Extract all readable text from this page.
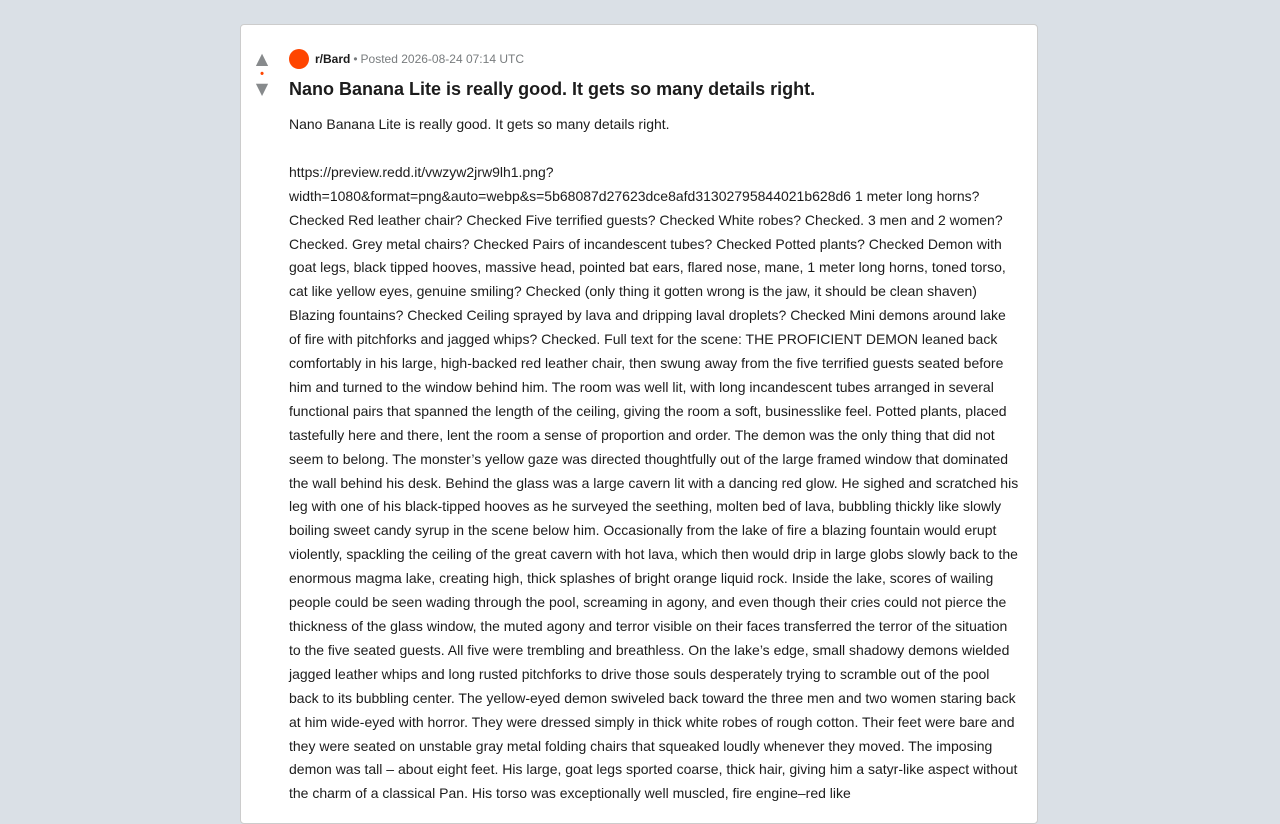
▲
•
▼
r/Bard • Posted 2026-08-24 07:14 UTC
Nano Banana Lite is really good. It gets so many details right.

Nano Banana Lite is really good. It gets so many details right.

https://preview.redd.it/vwzyw2jrw9lh1.png?width=1080&format=png&auto=webp&s=5b68087d27623dce8afd31302795844021b628d6 1 meter long horns? Checked Red leather chair? Checked Five terrified guests? Checked White robes? Checked. 3 men and 2 women? Checked. Grey metal chairs? Checked Pairs of incandescent tubes? Checked Potted plants? Checked Demon with goat legs, black tipped hooves, massive head, pointed bat ears, flared nose, mane, 1 meter long horns, toned torso, cat like yellow eyes, genuine smiling? Checked (only thing it gotten wrong is the jaw, it should be clean shaven) Blazing fountains? Checked Ceiling sprayed by lava and dripping laval droplets? Checked Mini demons around lake of fire with pitchforks and jagged whips? Checked. Full text for the scene: THE PROFICIENT DEMON leaned back comfortably in his large, high-backed red leather chair, then swung away from the five terrified guests seated before him and turned to the window behind him. The room was well lit, with long incandescent tubes arranged in several functional pairs that spanned the length of the ceiling, giving the room a soft, businesslike feel. Potted plants, placed tastefully here and there, lent the room a sense of proportion and order. The demon was the only thing that did not seem to belong. The monster’s yellow gaze was directed thoughtfully out of the large framed window that dominated the wall behind his desk. Behind the glass was a large cavern lit with a dancing red glow. He sighed and scratched his leg with one of his black-tipped hooves as he surveyed the seething, molten bed of lava, bubbling thickly like slowly boiling sweet candy syrup in the scene below him. Occasionally from the lake of fire a blazing fountain would erupt violently, spackling the ceiling of the great cavern with hot lava, which then would drip in large globs slowly back to the enormous magma lake, creating high, thick splashes of bright orange liquid rock. Inside the lake, scores of wailing people could be seen wading through the pool, screaming in agony, and even though their cries could not pierce the thickness of the glass window, the muted agony and terror visible on their faces transferred the terror of the situation to the five seated guests. All five were trembling and breathless. On the lake’s edge, small shadowy demons wielded jagged leather whips and long rusted pitchforks to drive those souls desperately trying to scramble out of the pool back to its bubbling center. The yellow-eyed demon swiveled back toward the three men and two women staring back at him wide-eyed with horror. They were dressed simply in thick white robes of rough cotton. Their feet were bare and they were seated on unstable gray metal folding chairs that squeaked loudly whenever they moved. The imposing demon was tall – about eight feet. His large, goat legs sported coarse, thick hair, giving him a satyr-like aspect without the charm of a classical Pan. His torso was exceptionally well muscled, fire engine–red like
